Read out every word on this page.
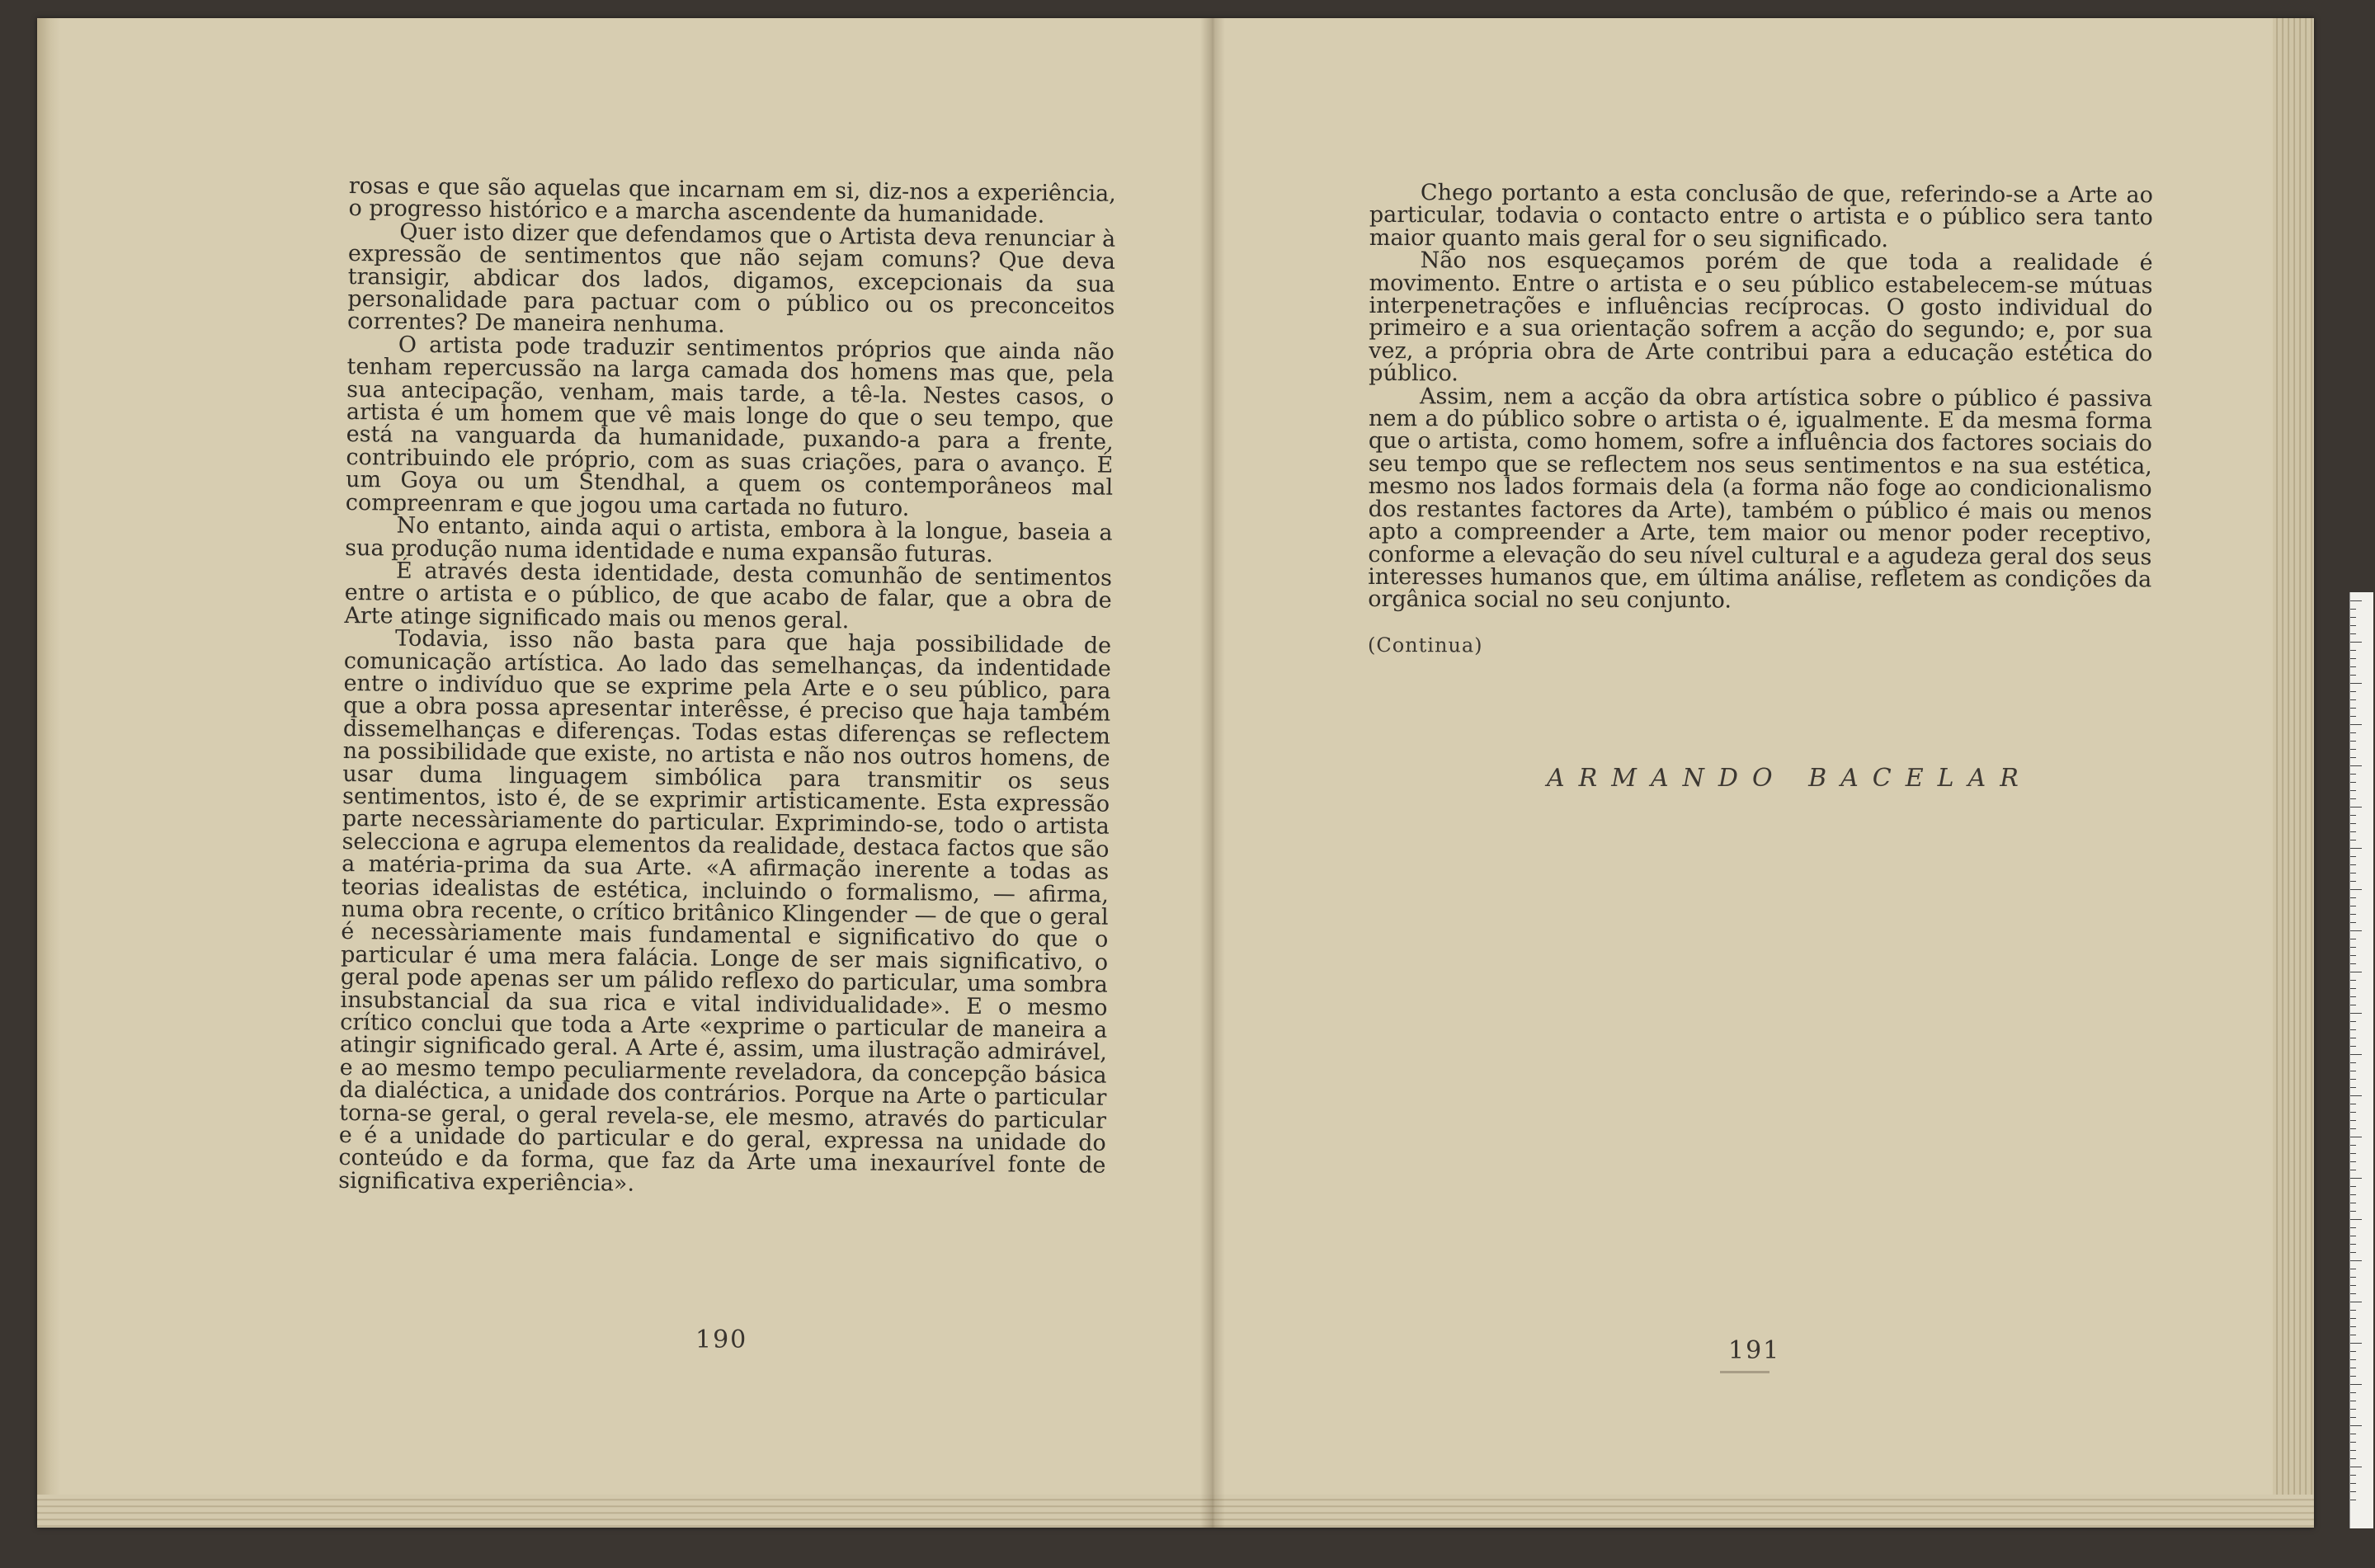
rosas e que são aquelas que incarnam em si, diz-nos a experiência, o progresso histórico e a marcha ascendente da humanidade.

Quer isto dizer que defendamos que o Artista deva renunciar à expressão de sentimentos que não sejam comuns? Que deva transigir, abdicar dos lados, digamos, excepcionais da sua personalidade para pactuar com o público ou os preconceitos correntes? De maneira nenhuma.

O artista pode traduzir sentimentos próprios que ainda não tenham repercussão na larga camada dos homens mas que, pela sua antecipação, venham, mais tarde, a tê-la. Nestes casos, o artista é um homem que vê mais longe do que o seu tempo, que está na vanguarda da humanidade, puxando-a para a frente, contribuindo ele próprio, com as suas criações, para o avanço. É um Goya ou um Stendhal, a quem os contemporâneos mal compreenram e que jogou uma cartada no futuro.

No entanto, ainda aqui o artista, embora à la longue, baseia a sua produção numa identidade e numa expansão futuras.

É através desta identidade, desta comunhão de sentimentos entre o artista e o público, de que acabo de falar, que a obra de Arte atinge significado mais ou menos geral.

Todavia, isso não basta para que haja possibilidade de comunicação artística. Ao lado das semelhanças, da indentidade entre o indivíduo que se exprime pela Arte e o seu público, para que a obra possa apresentar interêsse, é preciso que haja também dissemelhanças e diferenças. Todas estas diferenças se reflectem na possibilidade que existe, no artista e não nos outros homens, de usar duma linguagem simbólica para transmitir os seus sentimentos, isto é, de se exprimir artisticamente. Esta expressão parte necessàriamente do particular. Exprimindo-se, todo o artista selecciona e agrupa elementos da realidade, destaca factos que são a matéria-prima da sua Arte. «A afirmação inerente a todas as teorias idealistas de estética, incluindo o formalismo, — afirma, numa obra recente, o crítico britânico Klingender — de que o geral é necessàriamente mais fundamental e significativo do que o particular é uma mera falácia. Longe de ser mais significativo, o geral pode apenas ser um pálido reflexo do particular, uma sombra insubstancial da sua rica e vital individualidade». E o mesmo crítico conclui que toda a Arte «exprime o particular de maneira a atingir significado geral. A Arte é, assim, uma ilustração admirável, e ao mesmo tempo peculiarmente reveladora, da concepção básica da dialéctica, a unidade dos contrários. Porque na Arte o particular torna-se geral, o geral revela-se, ele mesmo, através do particular e é a unidade do particular e do geral, expressa na unidade do conteúdo e da forma, que faz da Arte uma inexaurível fonte de significativa experiência».

190

Chego portanto a esta conclusão de que, referindo-se a Arte ao particular, todavia o contacto entre o artista e o público sera tanto maior quanto mais geral for o seu significado.

Não nos esqueçamos porém de que toda a realidade é movimento. Entre o artista e o seu público estabelecem-se mútuas interpenetrações e influências recíprocas. O gosto individual do primeiro e a sua orientação sofrem a acção do segundo; e, por sua vez, a própria obra de Arte contribui para a educação estética do público.

Assim, nem a acção da obra artística sobre o público é passiva nem a do público sobre o artista o é, igualmente. E da mesma forma que o artista, como homem, sofre a influência dos factores sociais do seu tempo que se reflectem nos seus sentimentos e na sua estética, mesmo nos lados formais dela (a forma não foge ao condicionalismo dos restantes factores da Arte), também o público é mais ou menos apto a compreender a Arte, tem maior ou menor poder receptivo, conforme a elevação do seu nível cultural e a agudeza geral dos seus interesses humanos que, em última análise, refletem as condições da orgânica social no seu conjunto.

(Continua)
ARMANDO BACELAR
191
